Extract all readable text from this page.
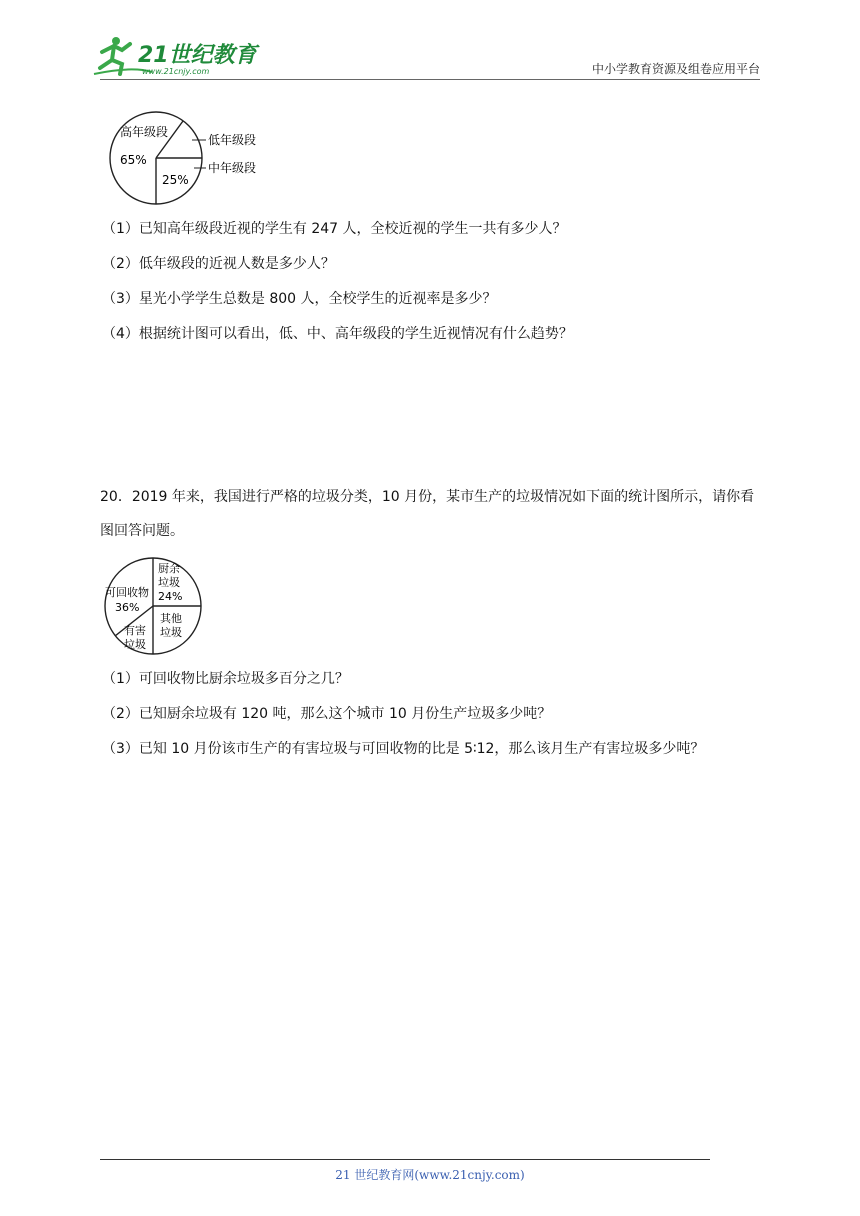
21世纪教育
www.21cnjy.com	中小学教育资源及组卷应用平台
高年级段
65%
25%
低年级段
中年级段
（1）已知高年级段近视的学生有 247 人，全校近视的学生一共有多少人？
（2）低年级段的近视人数是多少人？
（3）星光小学学生总数是 800 人，全校学生的近视率是多少？
（4）根据统计图可以看出，低、中、高年级段的学生近视情况有什么趋势？
20．2019 年来，我国进行严格的垃圾分类，10 月份，某市生产的垃圾情况如下面的统计图所示，请你看图回答问题。
可回收物
36%
厨余
垃圾
24%
其他
垃圾
有害
垃圾
（1）可回收物比厨余垃圾多百分之几？
（2）已知厨余垃圾有 120 吨，那么这个城市 10 月份生产垃圾多少吨？
（3）已知 10 月份该市生产的有害垃圾与可回收物的比是 5∶12，那么该月生产有害垃圾多少吨？
21 世纪教育网(www.21cnjy.com)
